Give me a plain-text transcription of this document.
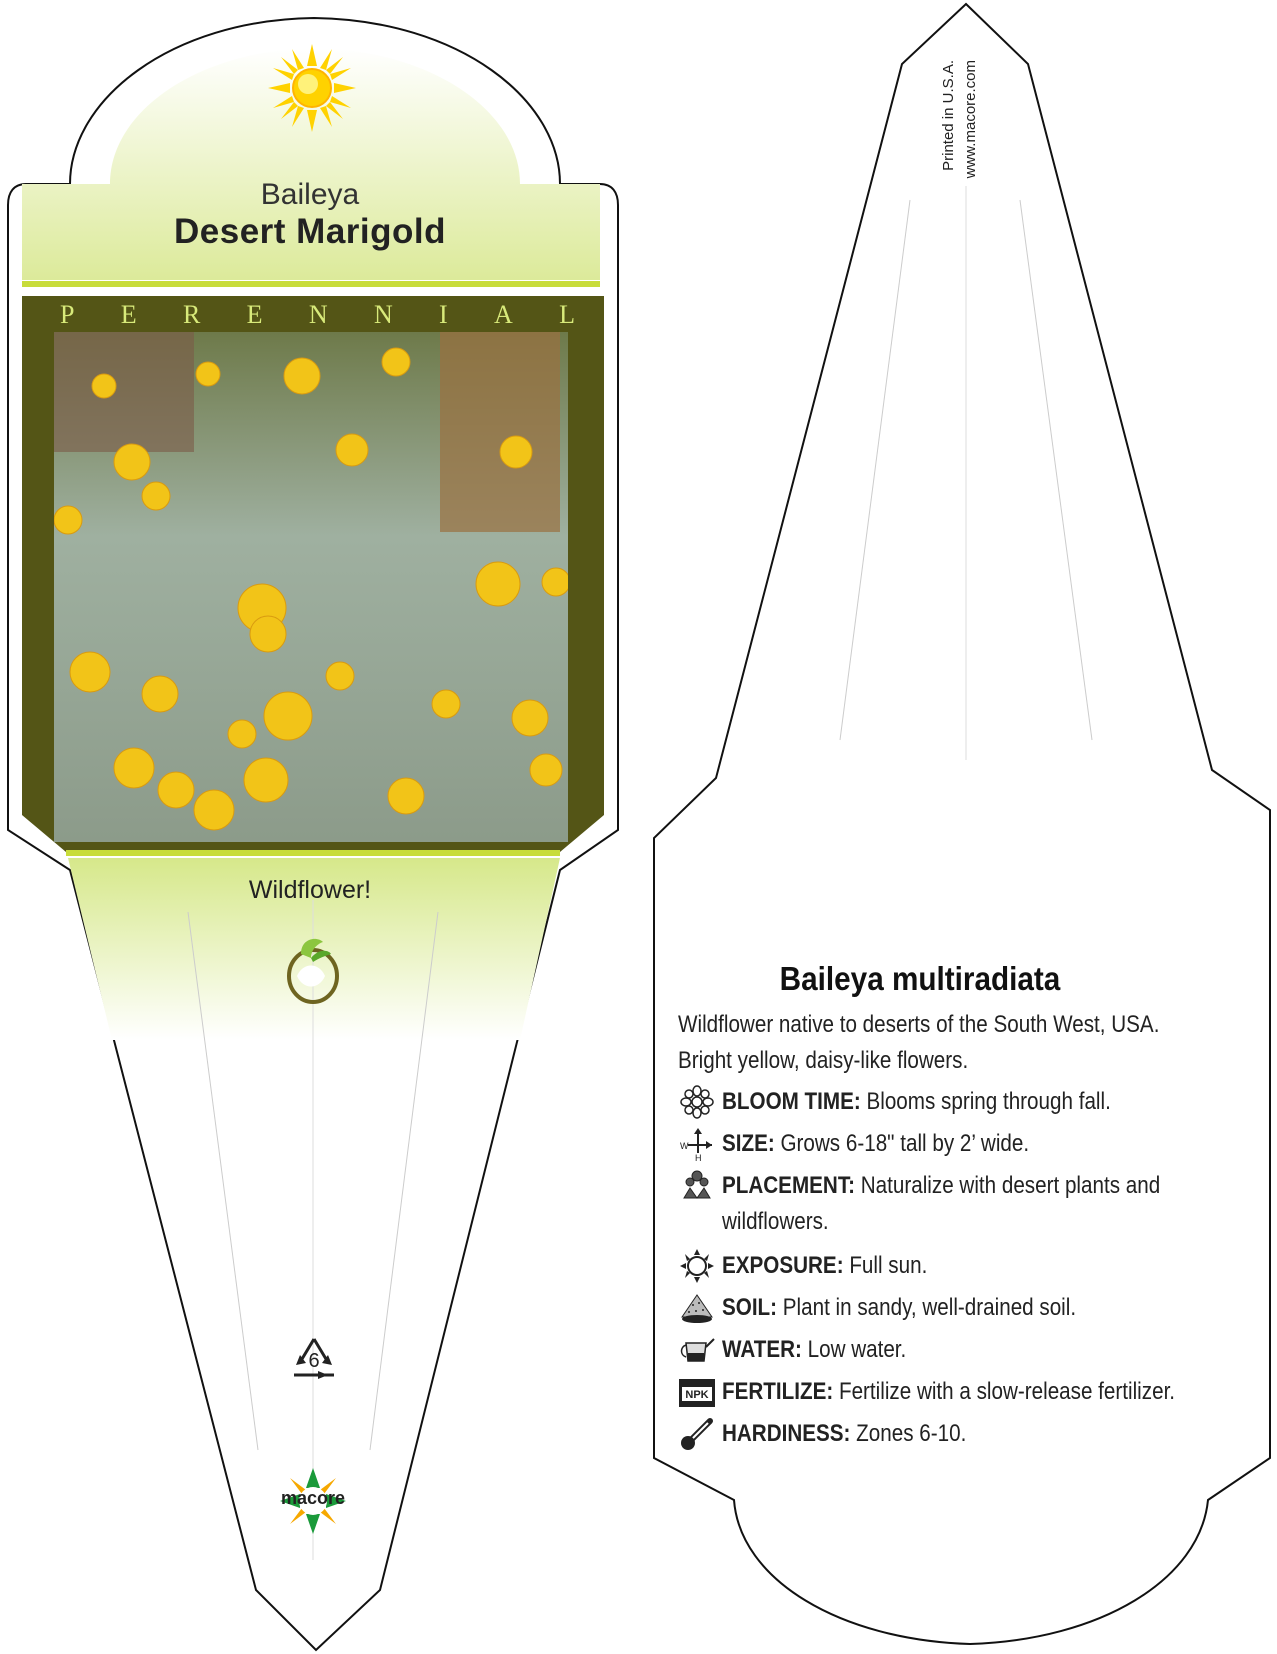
Baileya
Desert Marigold
P E R E N N I A L
Wildflower!
6
macore
Printed in U.S.A. www.macore.com
Baileya multiradiata
Wildflower native to deserts of the South West, USA. Bright yellow, daisy-like flowers.
BLOOM TIME: Blooms spring through fall.
W
H
SIZE: Grows 6-18" tall by 2’ wide.
PLACEMENT: Naturalize with desert plants and wildflowers.
EXPOSURE: Full sun.
SOIL: Plant in sandy, well-drained soil.
WATER: Low water.
NPK FERTILIZE: Fertilize with a slow-release fertilizer.
HARDINESS: Zones 6-10.
